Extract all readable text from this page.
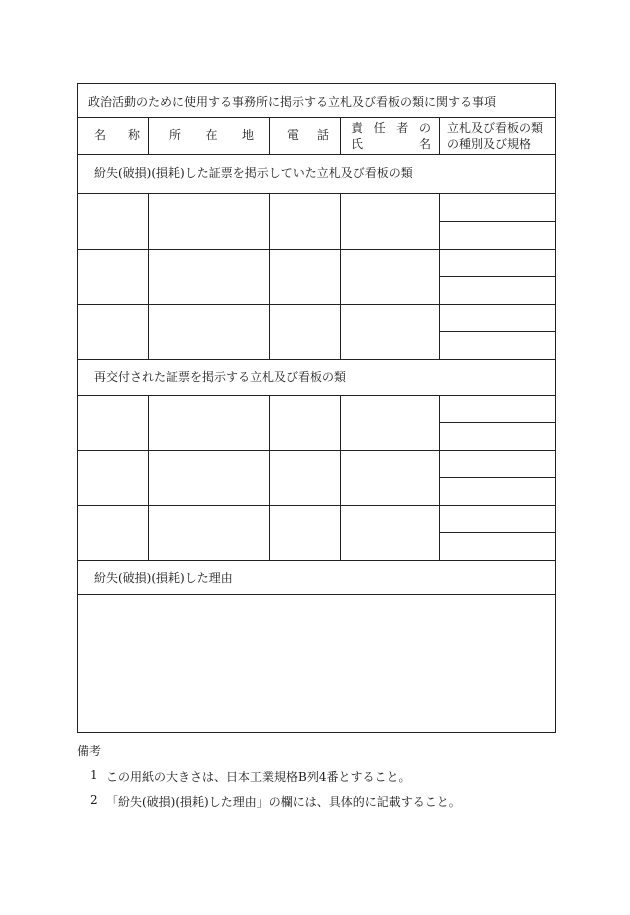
政治活動のために使用する事務所に掲示する立札及び看板の類に関する事項
名 称 所 在 地	電 話 責 任 者 の
氏	名
立札及び看板の類
の種別及び規格
紛失(破損)(損耗)した証票を掲示していた立札及び看板の類
再交付された証票を掲示する立札及び看板の類
紛失(破損)(損耗)した理由
備考
1 この用紙の大きさは、日本工業規格B列4番とすること。
2 「紛失(破損)(損耗)した理由」の欄には、具体的に記載すること。
